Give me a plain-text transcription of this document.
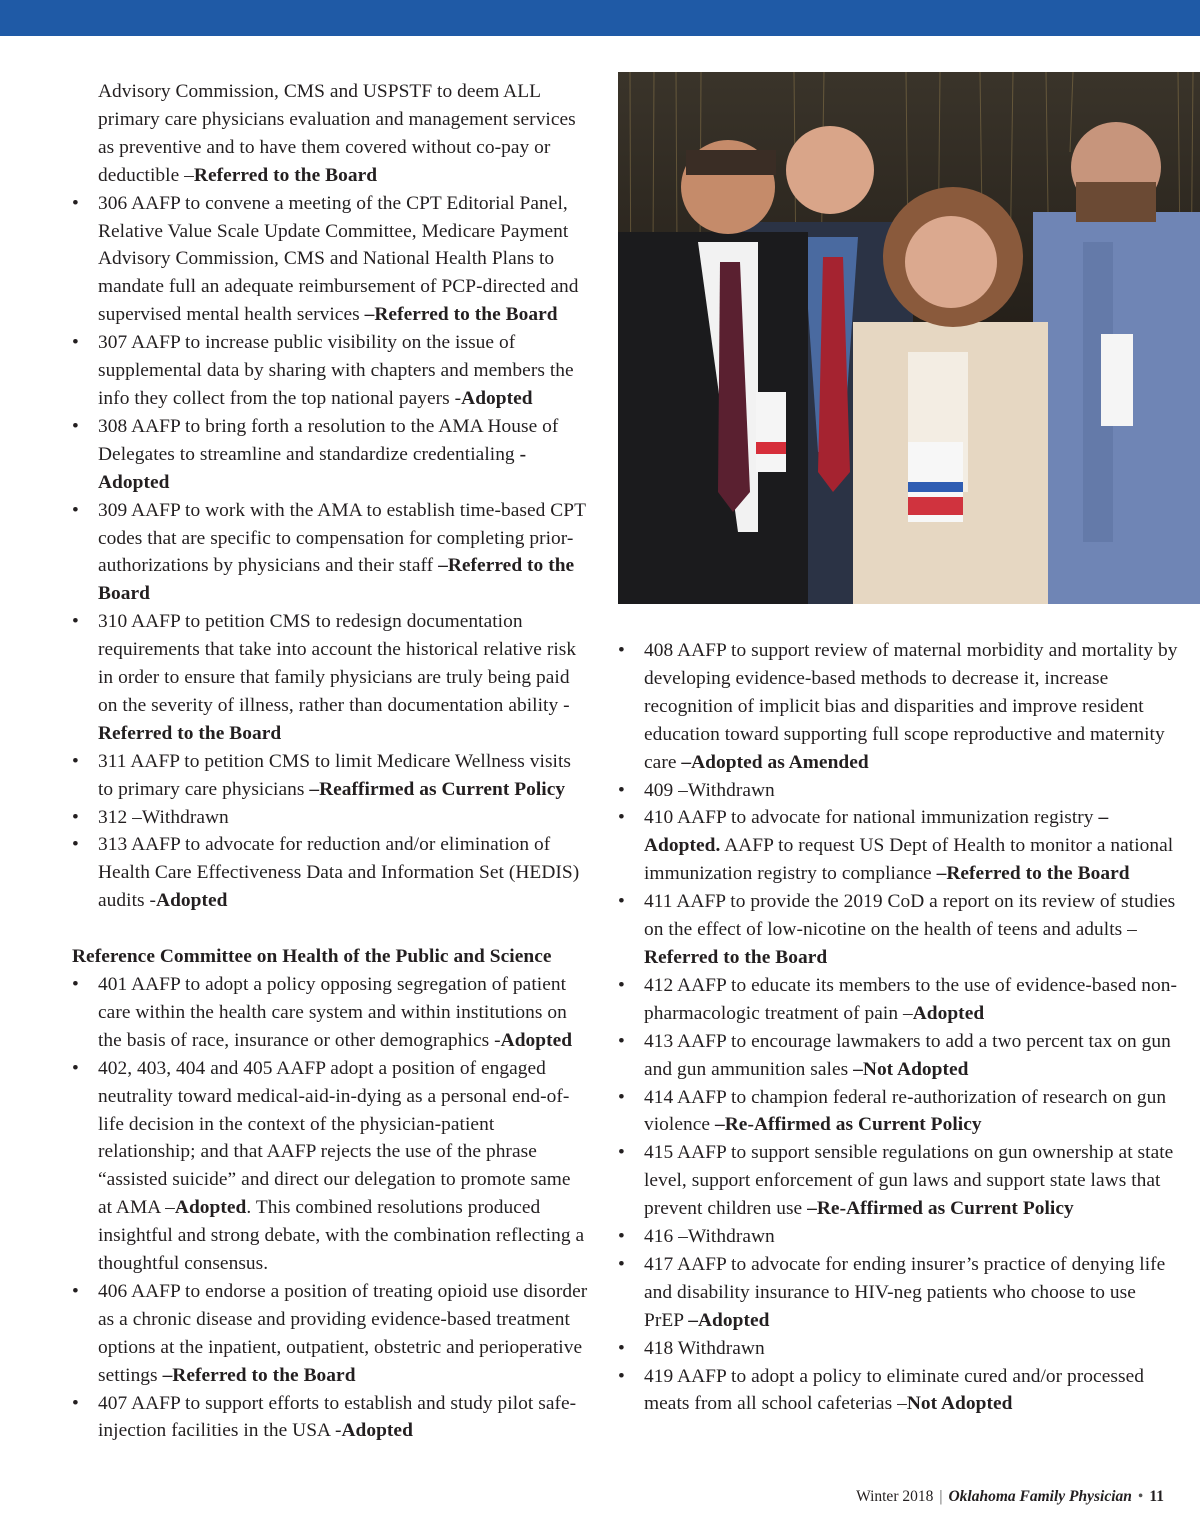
Advisory Commission, CMS and USPSTF to deem ALL primary care physicians evaluation and management services as preventive and to have them covered without co-pay or deductible –Referred to the Board
• 306 AAFP to convene a meeting of the CPT Editorial Panel, Relative Value Scale Update Committee, Medicare Payment Advisory Commission, CMS and National Health Plans to mandate full an adequate reimbursement of PCP-directed and supervised mental health services –Referred to the Board
• 307 AAFP to increase public visibility on the issue of supplemental data by sharing with chapters and members the info they collect from the top national payers -Adopted
• 308 AAFP to bring forth a resolution to the AMA House of Delegates to streamline and standardize credentialing -Adopted
• 309 AAFP to work with the AMA to establish time-based CPT codes that are specific to compensation for completing prior-authorizations by physicians and their staff –Referred to the Board
• 310 AAFP to petition CMS to redesign documentation requirements that take into account the historical relative risk in order to ensure that family physicians are truly being paid on the severity of illness, rather than documentation ability -Referred to the Board
• 311 AAFP to petition CMS to limit Medicare Wellness visits to primary care physicians –Reaffirmed as Current Policy
• 312 –Withdrawn
• 313 AAFP to advocate for reduction and/or elimination of Health Care Effectiveness Data and Information Set (HEDIS) audits -Adopted
Reference Committee on Health of the Public and Science
• 401 AAFP to adopt a policy opposing segregation of patient care within the health care system and within institutions on the basis of race, insurance or other demographics -Adopted
• 402, 403, 404 and 405 AAFP adopt a position of engaged neutrality toward medical-aid-in-dying as a personal end-of-life decision in the context of the physician-patient relationship; and that AAFP rejects the use of the phrase “assisted suicide” and direct our delegation to promote same at AMA –Adopted. This combined resolutions produced insightful and strong debate, with the combination reflecting a thoughtful consensus.
• 406 AAFP to endorse a position of treating opioid use disorder as a chronic disease and providing evidence-based treatment options at the inpatient, outpatient, obstetric and perioperative settings –Referred to the Board
• 407 AAFP to support efforts to establish and study pilot safe-injection facilities in the USA -Adopted
• 408 AAFP to support review of maternal morbidity and mortality by developing evidence-based methods to decrease it, increase recognition of implicit bias and disparities and improve resident education toward supporting full scope reproductive and maternity care –Adopted as Amended
• 409 –Withdrawn
• 410 AAFP to advocate for national immunization registry –Adopted. AAFP to request US Dept of Health to monitor a national immunization registry to compliance –Referred to the Board
• 411 AAFP to provide the 2019 CoD a report on its review of studies on the effect of low-nicotine on the health of teens and adults –Referred to the Board
• 412 AAFP to educate its members to the use of evidence-based non-pharmacologic treatment of pain –Adopted
• 413 AAFP to encourage lawmakers to add a two percent tax on gun and gun ammunition sales –Not Adopted
• 414 AAFP to champion federal re-authorization of research on gun violence –Re-Affirmed as Current Policy
• 415 AAFP to support sensible regulations on gun ownership at state level, support enforcement of gun laws and support state laws that prevent children use –Re-Affirmed as Current Policy
• 416 –Withdrawn
• 417 AAFP to advocate for ending insurer’s practice of denying life and disability insurance to HIV-neg patients who choose to use PrEP –Adopted
• 418 Withdrawn
• 419 AAFP to adopt a policy to eliminate cured and/or processed meats from all school cafeterias –Not Adopted
Winter 2018 | Oklahoma Family Physician • 11
